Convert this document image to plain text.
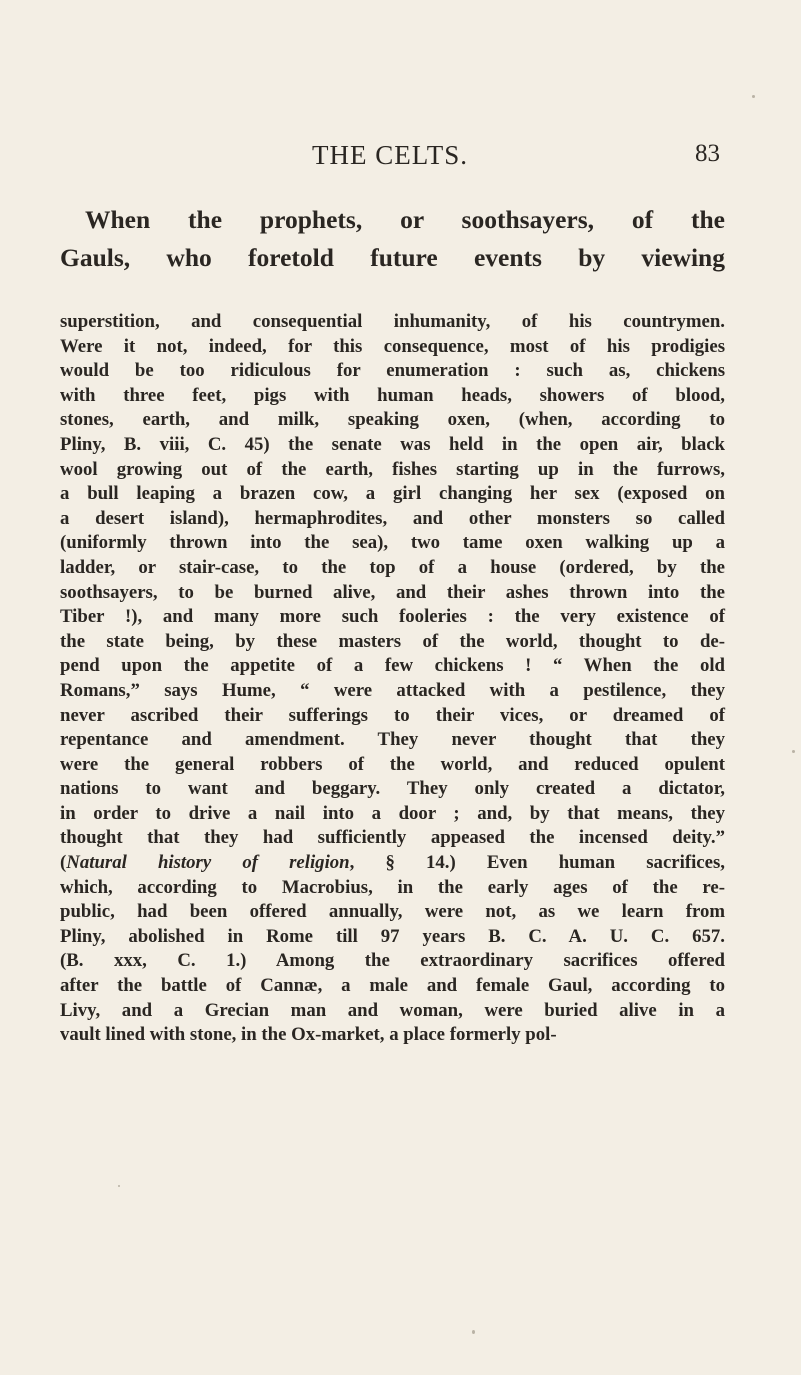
THE CELTS.	83
When the prophets, or soothsayers, of the
Gauls, who foretold future events by viewing
superstition, and consequential inhumanity, of his countrymen.
Were it not, indeed, for this consequence, most of his prodigies
would be too ridiculous for enumeration : such as, chickens
with three feet, pigs with human heads, showers of blood,
stones, earth, and milk, speaking oxen, (when, according to
Pliny, B. viii, C. 45) the senate was held in the open air, black
wool growing out of the earth, fishes starting up in the furrows,
a bull leaping a brazen cow, a girl changing her sex (exposed on
a desert island), hermaphrodites, and other monsters so called
(uniformly thrown into the sea), two tame oxen walking up a
ladder, or stair-case, to the top of a house (ordered, by the
soothsayers, to be burned alive, and their ashes thrown into the
Tiber !), and many more such fooleries : the very existence of
the state being, by these masters of the world, thought to de-
pend upon the appetite of a few chickens ! “ When the old
Romans,” says Hume, “ were attacked with a pestilence, they
never ascribed their sufferings to their vices, or dreamed of
repentance and amendment. They never thought that they
were the general robbers of the world, and reduced opulent
nations to want and beggary. They only created a dictator,
in order to drive a nail into a door ; and, by that means, they
thought that they had sufficiently appeased the incensed deity.”
(Natural history of religion, § 14.) Even human sacrifices,
which, according to Macrobius, in the early ages of the re-
public, had been offered annually, were not, as we learn from
Pliny, abolished in Rome till 97 years B. C. A. U. C. 657.
(B. xxx, C. 1.) Among the extraordinary sacrifices offered
after the battle of Cannæ, a male and female Gaul, according to
Livy, and a Grecian man and woman, were buried alive in a
vault lined with stone, in the Ox-market, a place formerly pol-
